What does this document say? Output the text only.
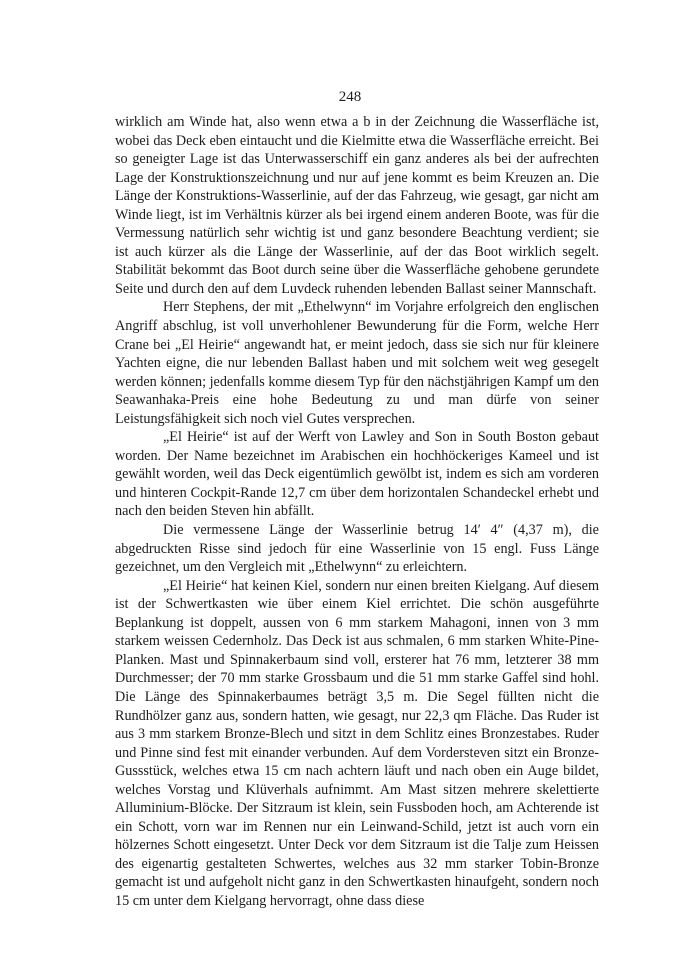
248

wirklich am Winde hat, also wenn etwa a b in der Zeichnung die Wasserfläche ist, wobei das Deck eben eintaucht und die Kielmitte etwa die Wasserfläche erreicht. Bei so geneigter Lage ist das Unterwasserschiff ein ganz anderes als bei der aufrechten Lage der Konstruktionszeichnung und nur auf jene kommt es beim Kreuzen an. Die Länge der Konstruktions-Wasserlinie, auf der das Fahrzeug, wie gesagt, gar nicht am Winde liegt, ist im Verhältnis kürzer als bei irgend einem anderen Boote, was für die Vermessung natürlich sehr wichtig ist und ganz besondere Beachtung verdient; sie ist auch kürzer als die Länge der Wasserlinie, auf der das Boot wirklich segelt. Stabilität bekommt das Boot durch seine über die Wasserfläche gehobene gerundete Seite und durch den auf dem Luvdeck ruhenden lebenden Ballast seiner Mannschaft.

Herr Stephens, der mit „Ethelwynn“ im Vorjahre erfolgreich den englischen Angriff abschlug, ist voll unverhohlener Bewunderung für die Form, welche Herr Crane bei „El Heirie“ angewandt hat, er meint jedoch, dass sie sich nur für kleinere Yachten eigne, die nur lebenden Ballast haben und mit solchem weit weg gesegelt werden können; jedenfalls komme diesem Typ für den nächstjährigen Kampf um den Seawanhaka-Preis eine hohe Bedeutung zu und man dürfe von seiner Leistungsfähigkeit sich noch viel Gutes versprechen.

„El Heirie“ ist auf der Werft von Lawley and Son in South Boston gebaut worden. Der Name bezeichnet im Arabischen ein hochhöckeriges Kameel und ist gewählt worden, weil das Deck eigentümlich gewölbt ist, indem es sich am vorderen und hinteren Cockpit-Rande 12,7 cm über dem horizontalen Schandeckel erhebt und nach den beiden Steven hin abfällt.

Die vermessene Länge der Wasserlinie betrug 14′ 4″ (4,37 m), die abgedruckten Risse sind jedoch für eine Wasserlinie von 15 engl. Fuss Länge gezeichnet, um den Vergleich mit „Ethelwynn“ zu erleichtern.

„El Heirie“ hat keinen Kiel, sondern nur einen breiten Kielgang. Auf diesem ist der Schwertkasten wie über einem Kiel errichtet. Die schön ausgeführte Beplankung ist doppelt, aussen von 6 mm starkem Mahagoni, innen von 3 mm starkem weissen Cedernholz. Das Deck ist aus schmalen, 6 mm starken White-Pine-Planken. Mast und Spinnakerbaum sind voll, ersterer hat 76 mm, letzterer 38 mm Durchmesser; der 70 mm starke Grossbaum und die 51 mm starke Gaffel sind hohl. Die Länge des Spinnakerbaumes beträgt 3,5 m. Die Segel füllten nicht die Rundhölzer ganz aus, sondern hatten, wie gesagt, nur 22,3 qm Fläche. Das Ruder ist aus 3 mm starkem Bronze-Blech und sitzt in dem Schlitz eines Bronzestabes. Ruder und Pinne sind fest mit einander verbunden. Auf dem Vordersteven sitzt ein Bronze-Gussstück, welches etwa 15 cm nach achtern läuft und nach oben ein Auge bildet, welches Vorstag und Klüverhals aufnimmt. Am Mast sitzen mehrere skelettierte Alluminium-Blöcke. Der Sitzraum ist klein, sein Fussboden hoch, am Achterende ist ein Schott, vorn war im Rennen nur ein Leinwand-Schild, jetzt ist auch vorn ein hölzernes Schott eingesetzt. Unter Deck vor dem Sitzraum ist die Talje zum Heissen des eigenartig gestalteten Schwertes, welches aus 32 mm starker Tobin-Bronze gemacht ist und aufgeholt nicht ganz in den Schwertkasten hinaufgeht, sondern noch 15 cm unter dem Kielgang hervorragt, ohne dass diese
